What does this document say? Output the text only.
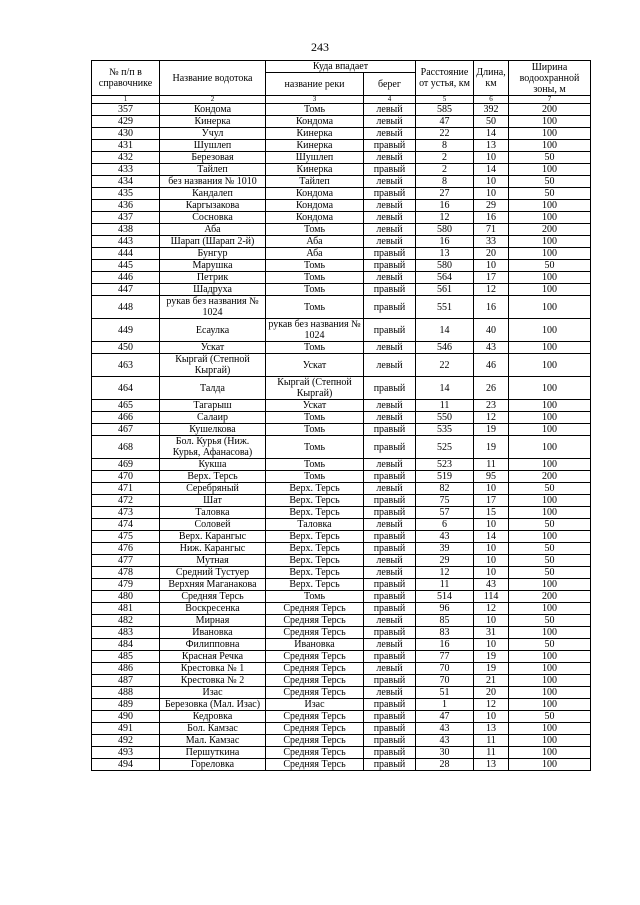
243
№ п/п в справочнике	Название водотока	Куда впадает		Расстояние от устья, км	Длина, км	Ширина водоохранной зоны, м
		название реки	берег			
1	2	3	4	5	6	7
357	Кондома	Томь	левый	585	392	200
429	Кинерка	Кондома	левый	47	50	100
430	Учул	Кинерка	левый	22	14	100
431	Шушлеп	Кинерка	правый	8	13	100
432	Березовая	Шушлеп	левый	2	10	50
433	Тайлеп	Кинерка	правый	2	14	100
434	без названия № 1010	Тайлеп	левый	8	10	50
435	Кандалеп	Кондома	правый	27	10	50
436	Каргызакова	Кондома	левый	16	29	100
437	Сосновка	Кондома	левый	12	16	100
438	Аба	Томь	левый	580	71	200
443	Шарап (Шарап 2-й)	Аба	левый	16	33	100
444	Бунгур	Аба	правый	13	20	100
445	Марушка	Томь	правый	580	10	50
446	Петрик	Томь	левый	564	17	100
447	Шадруха	Томь	правый	561	12	100
448	рукав без названия № 1024	Томь	правый	551	16	100
449	Есаулка	рукав без названия № 1024	правый	14	40	100
450	Ускат	Томь	левый	546	43	100
463	Кыргай (Степной Кыргай)	Ускат	левый	22	46	100
464	Талда	Кыргай (Степной Кыргай)	правый	14	26	100
465	Тагарыш	Ускат	левый	11	23	100
466	Салаир	Томь	левый	550	12	100
467	Кушелкова	Томь	правый	535	19	100
468	Бол. Курья (Ниж. Курья, Афанасова)	Томь	правый	525	19	100
469	Кукша	Томь	левый	523	11	100
470	Верх. Терсь	Томь	правый	519	95	200
471	Серебряный	Верх. Терсь	левый	82	10	50
472	Шат	Верх. Терсь	правый	75	17	100
473	Таловка	Верх. Терсь	правый	57	15	100
474	Соловей	Таловка	левый	6	10	50
475	Верх. Карангыс	Верх. Терсь	правый	43	14	100
476	Ниж. Карангыс	Верх. Терсь	правый	39	10	50
477	Мутная	Верх. Терсь	левый	29	10	50
478	Средний Тустуер	Верх. Терсь	левый	12	10	50
479	Верхняя Маганакова	Верх. Терсь	правый	11	43	100
480	Средняя Терсь	Томь	правый	514	114	200
481	Воскресенка	Средняя Терсь	правый	96	12	100
482	Мирная	Средняя Терсь	левый	85	10	50
483	Ивановка	Средняя Терсь	правый	83	31	100
484	Филипповна	Ивановка	левый	16	10	50
485	Красная Речка	Средняя Терсь	правый	77	19	100
486	Крестовка № 1	Средняя Терсь	левый	70	19	100
487	Крестовка № 2	Средняя Терсь	правый	70	21	100
488	Изас	Средняя Терсь	левый	51	20	100
489	Березовка (Мал. Изас)	Изас	правый	1	12	100
490	Кедровка	Средняя Терсь	правый	47	10	50
491	Бол. Камзас	Средняя Терсь	правый	43	13	100
492	Мал. Камзас	Средняя Терсь	правый	43	11	100
493	Першуткина	Средняя Терсь	правый	30	11	100
494	Гореловка	Средняя Терсь	правый	28	13	100
